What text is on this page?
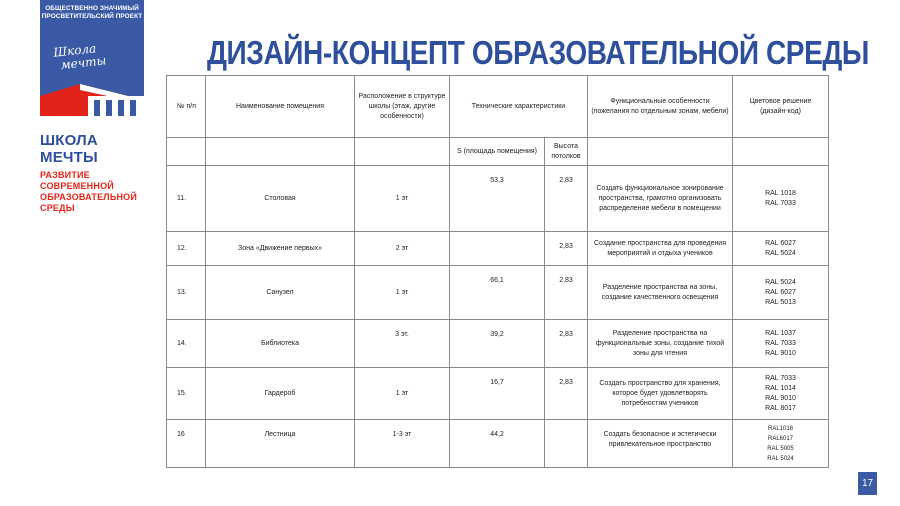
ОБЩЕСТВЕННО ЗНАЧИМЫЙ
ПРОСВЕТИТЕЛЬСКИЙ ПРОЕКТ
Школа
мечты
ШКОЛА МЕЧТЫ
РАЗВИТИЕ СОВРЕМЕННОЙ
ОБРАЗОВАТЕЛЬНОЙ СРЕДЫ
ДИЗАЙН-КОНЦЕПТ ОБРАЗОВАТЕЛЬНОЙ СРЕДЫ
№ п/п	Наименование помещения	Расположение в структуре школы (этаж, другие особенности)	Технические характеристики		Функциональные особенности (пожелания по отдельным зонам, мебели)	Цветовое решение (дизайн-код)
			S (площадь помещения)	Высота потолков		
11.	Столовая	1 эт	53,3	2,83	Создать функциональное зонирование пространства, грамотно организовать распределение мебели в помещении	RAL 1018
RAL 7033

12.	Зона «Движение первых»	2 эт		2,83	Создание пространства для проведения мероприятий и отдыха учеников	RAL 6027
RAL 5024

13.	Санузел	1 эт	66,1	2,83	Разделение пространства на зоны, создание качественного освещения	RAL 5024
RAL 6027
RAL 5013

14.	Библиотека	3 эт.	39,2	2,83	Разделение пространства на функциональные зоны, создание тихой зоны для чтения	RAL 1037
RAL 7033
RAL 9010

15.	Гардероб	1 эт	16,7	2,83	Создать пространство для хранения, которое будет удовлетворять потребностям учеников	RAL 7033
RAL 1014
RAL 9010
RAL 8017

16	Лестница	1-3 эт	44,2		Создать безопасное и эстетически привлекательное пространство	RAL1018
RAL6017
RAL 5005
RAL 5024
17
